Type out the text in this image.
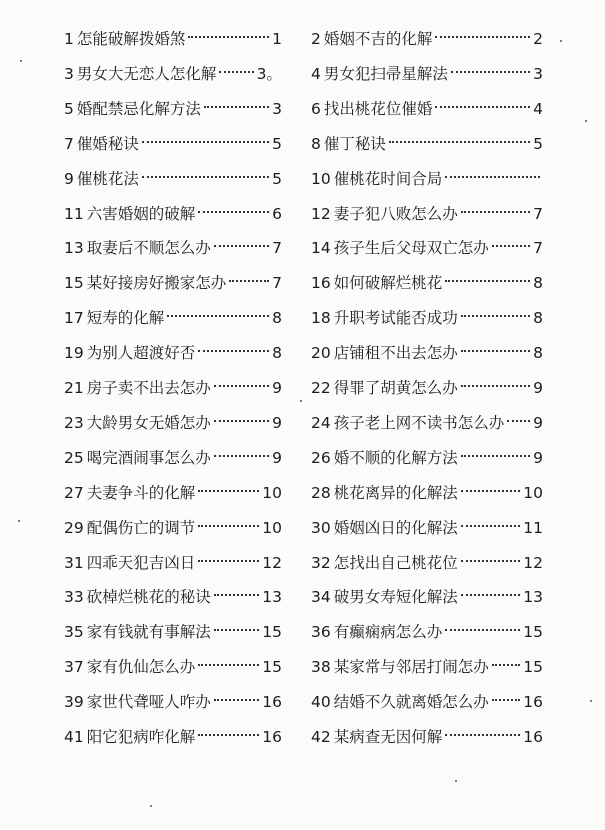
1 怎能破解拨婚煞	1 2 婚姻不吉的化解	2
3 男女大无恋人怎化解	3。 4 男女犯扫帚星解法	3
5 婚配禁忌化解方法	3 6 找出桃花位催婚	4
7 催婚秘诀	5 8 催丁秘诀	5
9 催桃花法	5 10 催桃花时间合局
11 六害婚姻的破解	6 12 妻子犯八败怎么办	7
13 取妻后不顺怎么办	7 14 孩子生后父母双亡怎办	7
15 某好接房好搬家怎办	7 16 如何破解烂桃花	8
17 短寿的化解	8 18 升职考试能否成功	8
19 为别人超渡好否	8 20 店铺租不出去怎办	8
21 房子卖不出去怎办	9 22 得罪了胡黄怎么办	9
23 大龄男女无婚怎办	9 24 孩子老上网不读书怎么办 9
25 喝完酒闹事怎么办	9 26 婚不顺的化解方法	9
27 夫妻争斗的化解	10 28 桃花离异的化解法	10
29 配偶伤亡的调节	10 30 婚姻凶日的化解法	11
31 四乖天犯吉凶日	12 32 怎找出自己桃花位	12
33 砍棹烂桃花的秘诀	13 34 破男女寿短化解法	13
35 家有钱就有事解法	15 36 有癫痫病怎么办	15
37 家有仇仙怎么办	15 38 某家常与邻居打闹怎办 15
39 家世代聋哑人咋办	16 40 结婚不久就离婚怎么办 16
41 阳它犯病咋化解	16 42 某病查无因何解	16
